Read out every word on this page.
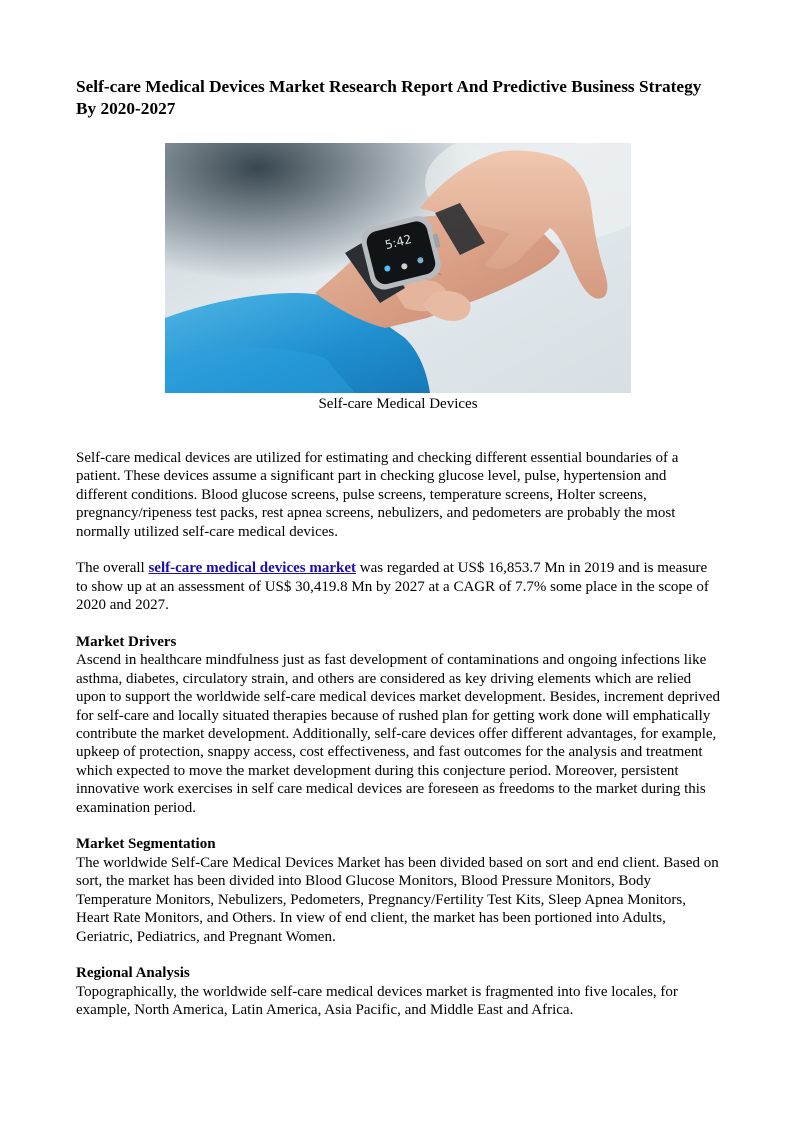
Self-care Medical Devices Market Research Report And Predictive Business Strategy By 2020-2027
5:42
Self-care Medical Devices

Self-care medical devices are utilized for estimating and checking different essential boundaries of a patient. These devices assume a significant part in checking glucose level, pulse, hypertension and different conditions. Blood glucose screens, pulse screens, temperature screens, Holter screens, pregnancy/ripeness test packs, rest apnea screens, nebulizers, and pedometers are probably the most normally utilized self-care medical devices.

The overall self-care medical devices market was regarded at US$ 16,853.7 Mn in 2019 and is measure to show up at an assessment of US$ 30,419.8 Mn by 2027 at a CAGR of 7.7% some place in the scope of 2020 and 2027.

Market Drivers
Ascend in healthcare mindfulness just as fast development of contaminations and ongoing infections like asthma, diabetes, circulatory strain, and others are considered as key driving elements which are relied upon to support the worldwide self-care medical devices market development. Besides, increment deprived for self-care and locally situated therapies because of rushed plan for getting work done will emphatically contribute the market development. Additionally, self-care devices offer different advantages, for example, upkeep of protection, snappy access, cost effectiveness, and fast outcomes for the analysis and treatment which expected to move the market development during this conjecture period. Moreover, persistent innovative work exercises in self care medical devices are foreseen as freedoms to the market during this examination period.

Market Segmentation
The worldwide Self-Care Medical Devices Market has been divided based on sort and end client. Based on sort, the market has been divided into Blood Glucose Monitors, Blood Pressure Monitors, Body Temperature Monitors, Nebulizers, Pedometers, Pregnancy/Fertility Test Kits, Sleep Apnea Monitors, Heart Rate Monitors, and Others. In view of end client, the market has been portioned into Adults, Geriatric, Pediatrics, and Pregnant Women.

Regional Analysis
Topographically, the worldwide self-care medical devices market is fragmented into five locales, for example, North America, Latin America, Asia Pacific, and Middle East and Africa.
